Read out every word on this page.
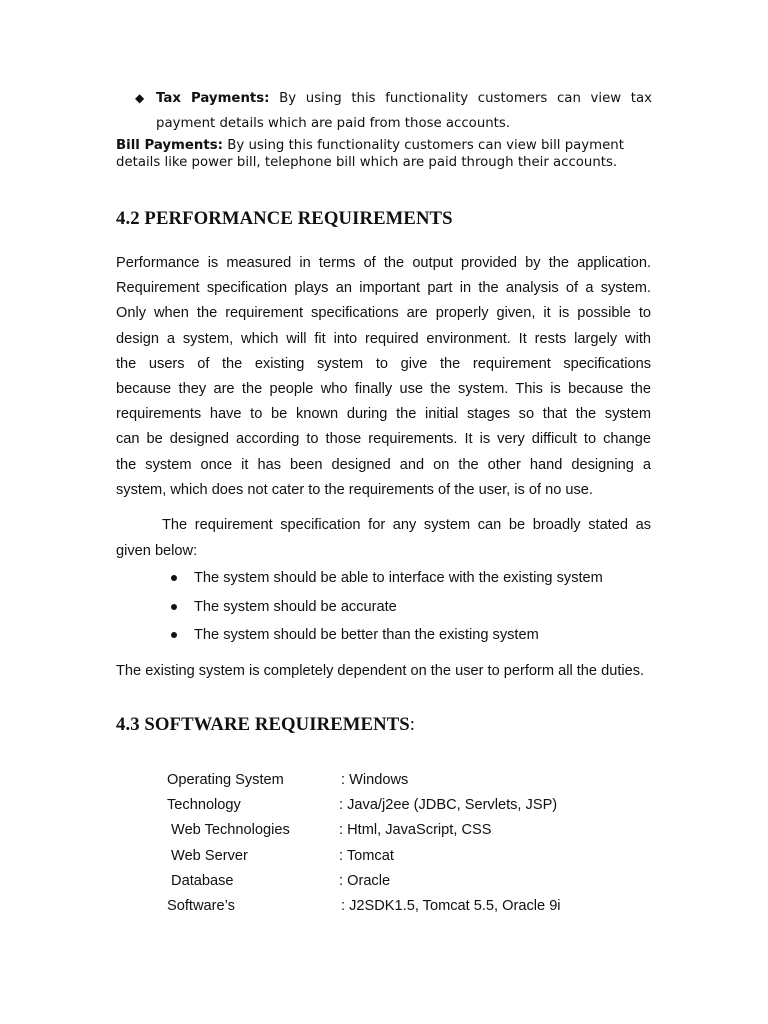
◆ Tax Payments: By using this functionality customers can view tax payment details which are paid from those accounts.
Bill Payments: By using this functionality customers can view bill payment details like power bill, telephone bill which are paid through their accounts.
4.2 PERFORMANCE REQUIREMENTS
Performance is measured in terms of the output provided by the application.
Requirement specification plays an important part in the analysis of a system.
Only when the requirement specifications are properly given, it is possible to
design a system, which will fit into required environment. It rests largely with
the users of the existing system to give the requirement specifications
because they are the people who finally use the system. This is because the
requirements have to be known during the initial stages so that the system
can be designed according to those requirements. It is very difficult to change
the system once it has been designed and on the other hand designing a
system, which does not cater to the requirements of the user, is of no use.
The requirement specification for any system can be broadly stated as given below:
The system should be able to interface with the existing system
The system should be accurate
The system should be better than the existing system
The existing system is completely dependent on the user to perform all the duties.
4.3 SOFTWARE REQUIREMENTS:
Operating System	: Windows
Technology	: Java/j2ee (JDBC, Servlets, JSP)
Web Technologies	: Html, JavaScript, CSS
Web Server	: Tomcat
Database	: Oracle
Software’s	: J2SDK1.5, Tomcat 5.5, Oracle 9i
